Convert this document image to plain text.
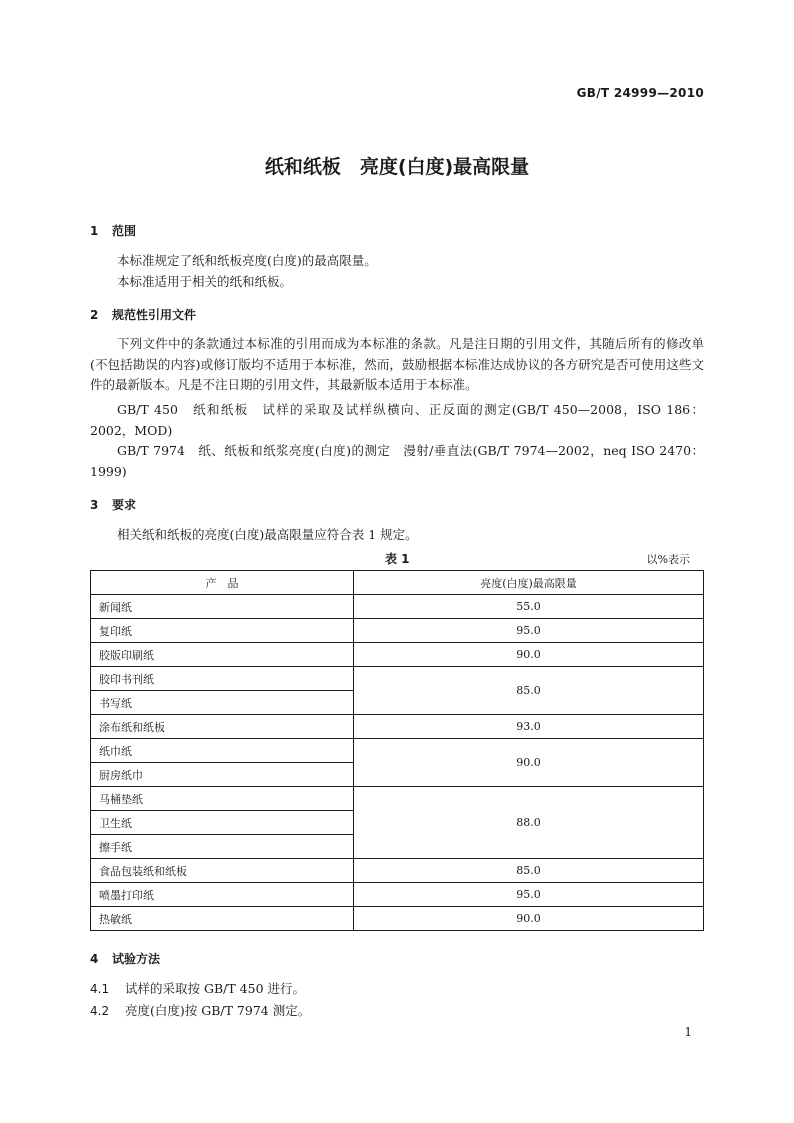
GB/T 24999—2010
纸和纸板　亮度(白度)最高限量
1 范围
本标准规定了纸和纸板亮度(白度)的最高限量。
本标准适用于相关的纸和纸板。
2 规范性引用文件

下列文件中的条款通过本标准的引用而成为本标准的条款。凡是注日期的引用文件，其随后所有的修改单(不包括勘误的内容)或修订版均不适用于本标准，然而，鼓励根据本标准达成协议的各方研究是否可使用这些文件的最新版本。凡是不注日期的引用文件，其最新版本适用于本标准。

GB/T 450　纸和纸板　试样的采取及试样纵横向、正反面的测定(GB/T 450—2008，ISO 186：2002，MOD)

GB/T 7974　纸、纸板和纸浆亮度(白度)的测定　漫射/垂直法(GB/T 7974—2002，neq ISO 2470：1999)

3 要求
相关纸和纸板的亮度(白度)最高限量应符合表 1 规定。
表 1	以%表示
产　品	亮度(白度)最高限量
新闻纸	55.0
复印纸	95.0
胶版印刷纸	90.0
胶印书刊纸	85.0
书写纸	
涂布纸和纸板	93.0
纸巾纸	90.0
厨房纸巾	
马桶垫纸	88.0
卫生纸	
擦手纸	
食品包装纸和纸板	85.0
喷墨打印纸	95.0
热敏纸	90.0
4 试验方法
4.1 试样的采取按 GB/T 450 进行。
4.2 亮度(白度)按 GB/T 7974 测定。
1
